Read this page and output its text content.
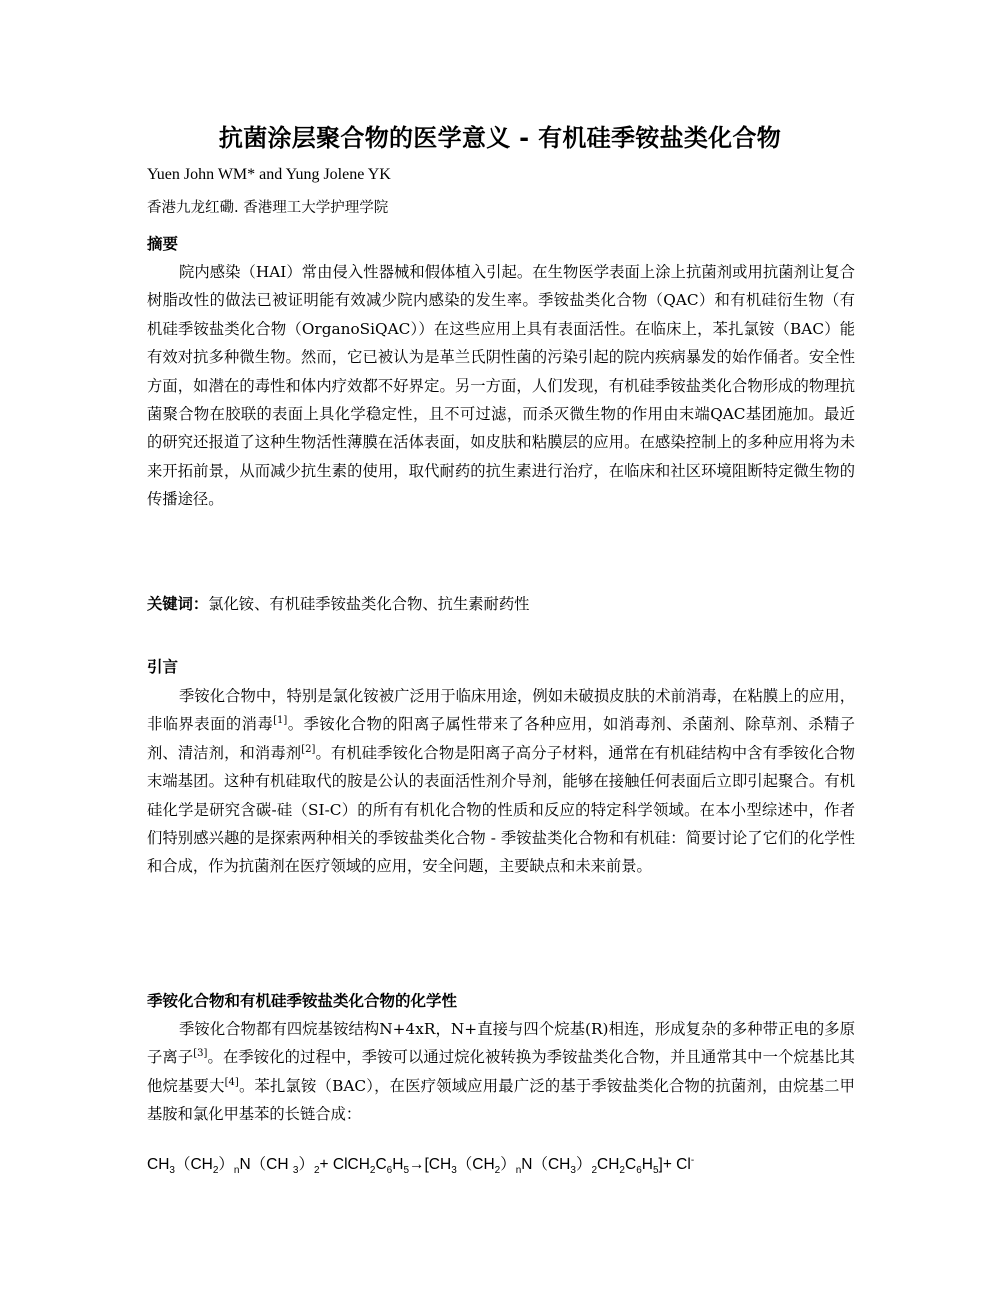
抗菌涂层聚合物的医学意义 - 有机硅季铵盐类化合物
Yuen John WM* and Yung Jolene YK
香港九龙红磡. 香港理工大学护理学院
摘要

院内感染（HAI）常由侵入性器械和假体植入引起。在生物医学表面上涂上抗菌剂或用抗菌剂让复合树脂改性的做法已被证明能有效减少院内感染的发生率。季铵盐类化合物（QAC）和有机硅衍生物（有机硅季铵盐类化合物（OrganoSiQAC））在这些应用上具有表面活性。在临床上，苯扎氯铵（BAC）能有效对抗多种微生物。然而，它已被认为是革兰氏阴性菌的污染引起的院内疾病暴发的始作俑者。安全性方面，如潜在的毒性和体内疗效都不好界定。另一方面，人们发现，有机硅季铵盐类化合物形成的物理抗菌聚合物在胶联的表面上具化学稳定性，且不可过滤，而杀灭微生物的作用由末端QAC基团施加。最近的研究还报道了这种生物活性薄膜在活体表面，如皮肤和粘膜层的应用。在感染控制上的多种应用将为未来开拓前景，从而减少抗生素的使用，取代耐药的抗生素进行治疗，在临床和社区环境阻断特定微生物的传播途径。

关键词：氯化铵、有机硅季铵盐类化合物、抗生素耐药性
引言

季铵化合物中，特别是氯化铵被广泛用于临床用途，例如未破损皮肤的术前消毒，在粘膜上的应用，非临界表面的消毒[1]。季铵化合物的阳离子属性带来了各种应用，如消毒剂、杀菌剂、除草剂、杀精子剂、清洁剂，和消毒剂[2]。有机硅季铵化合物是阳离子高分子材料，通常在有机硅结构中含有季铵化合物末端基团。这种有机硅取代的胺是公认的表面活性剂介导剂，能够在接触任何表面后立即引起聚合。有机硅化学是研究含碳-硅（SI-C）的所有有机化合物的性质和反应的特定科学领域。在本小型综述中，作者们特别感兴趣的是探索两种相关的季铵盐类化合物 - 季铵盐类化合物和有机硅：简要讨论了它们的化学性和合成，作为抗菌剂在医疗领域的应用，安全问题，主要缺点和未来前景。

季铵化合物和有机硅季铵盐类化合物的化学性

季铵化合物都有四烷基铵结构N+4xR，N+直接与四个烷基(R)相连，形成复杂的多种带正电的多原子离子[3]。在季铵化的过程中，季铵可以通过烷化被转换为季铵盐类化合物，并且通常其中一个烷基比其他烷基要大[4]。苯扎氯铵（BAC），在医疗领域应用最广泛的基于季铵盐类化合物的抗菌剂，由烷基二甲基胺和氯化甲基苯的长链合成：

$CH_3(CH_2)_nN(CH$ $_3)_2+$ $ClCH_2C_6H_5\to[CH_3(CH_2)_nN(CH_3)_2CH_2C_6H_5]+ Cl^-$
